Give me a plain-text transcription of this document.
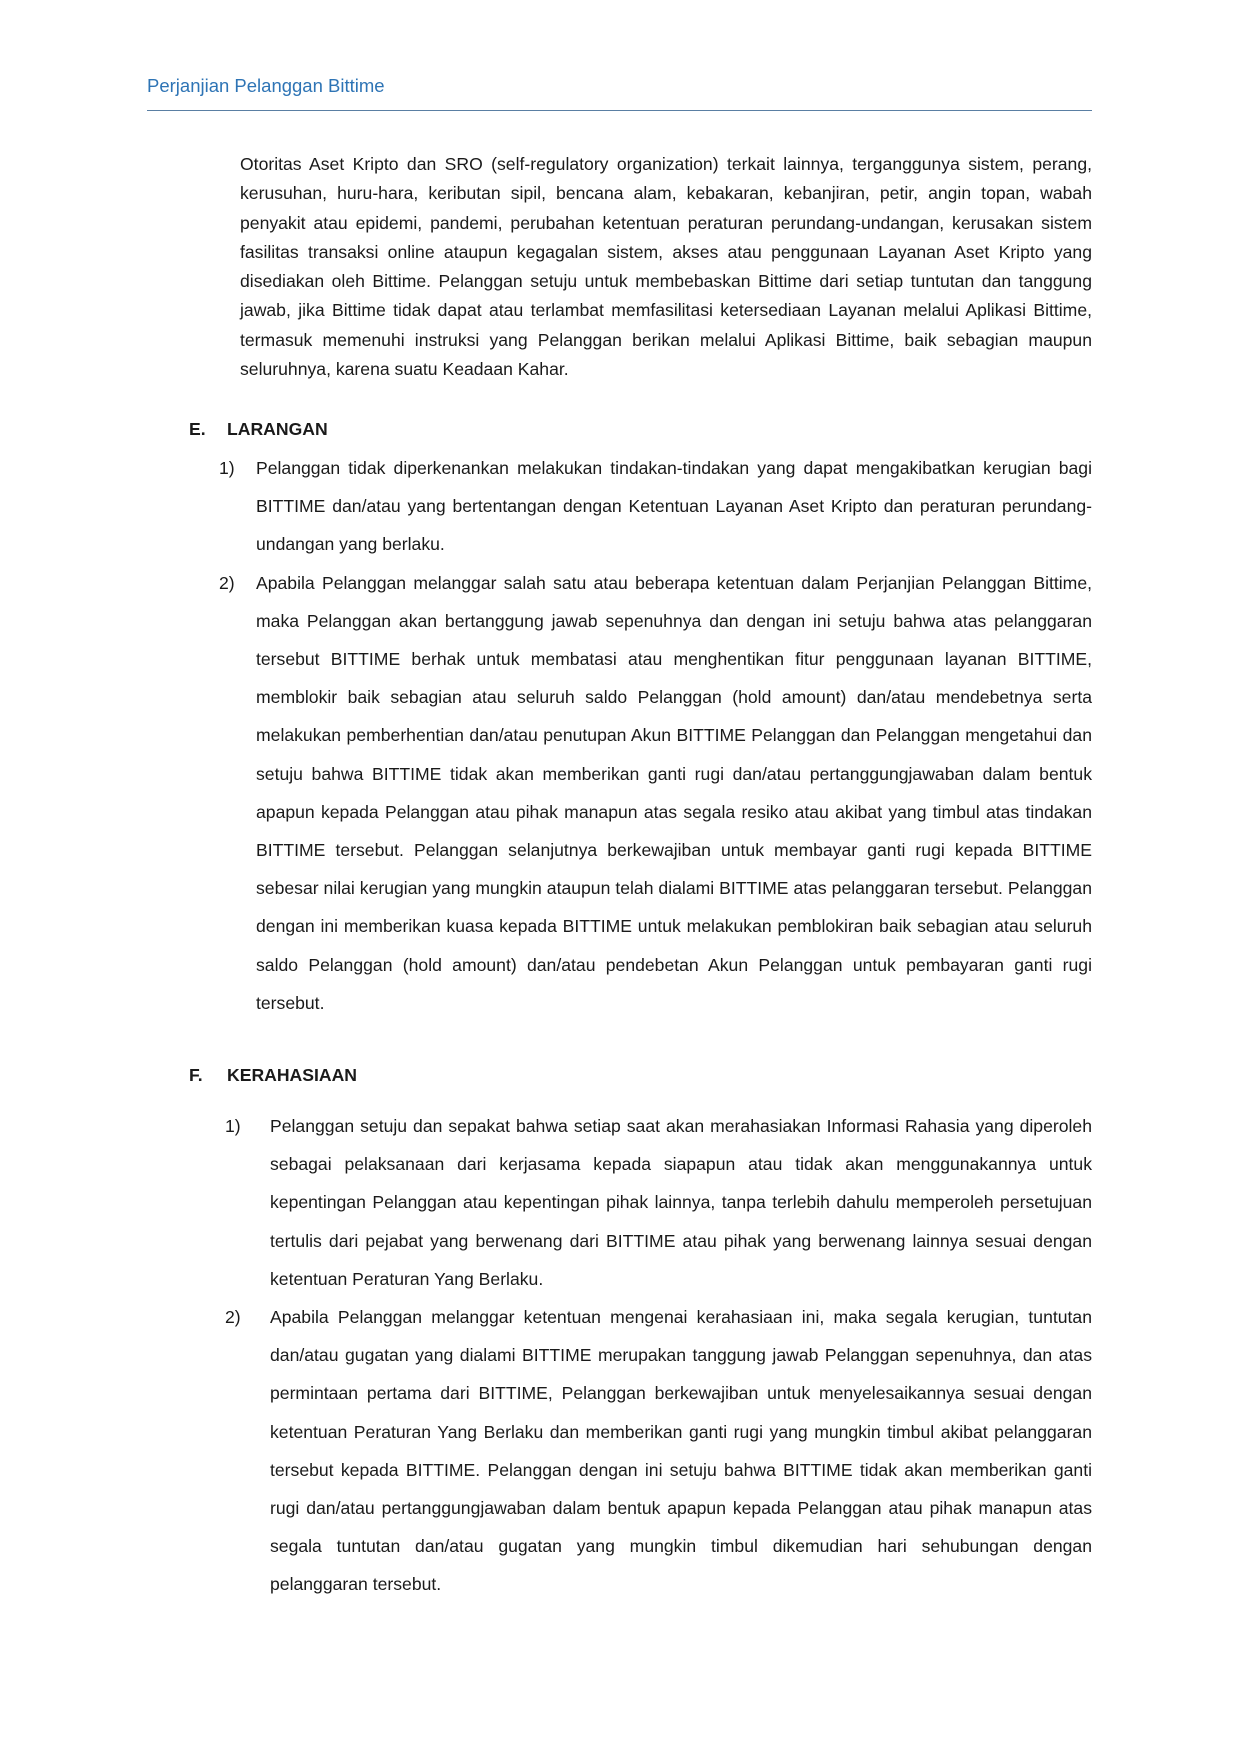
Perjanjian Pelanggan Bittime

Otoritas Aset Kripto dan SRO (self-regulatory organization) terkait lainnya, terganggunya sistem, perang, kerusuhan, huru-hara, keributan sipil, bencana alam, kebakaran, kebanjiran, petir, angin topan, wabah penyakit atau epidemi, pandemi, perubahan ketentuan peraturan perundang-undangan, kerusakan sistem fasilitas transaksi online ataupun kegagalan sistem, akses atau penggunaan Layanan Aset Kripto yang disediakan oleh Bittime. Pelanggan setuju untuk membebaskan Bittime dari setiap tuntutan dan tanggung jawab, jika Bittime tidak dapat atau terlambat memfasilitasi ketersediaan Layanan melalui Aplikasi Bittime, termasuk memenuhi instruksi yang Pelanggan berikan melalui Aplikasi Bittime, baik sebagian maupun seluruhnya, karena suatu Keadaan Kahar.

E. LARANGAN
1) Pelanggan tidak diperkenankan melakukan tindakan-tindakan yang dapat mengakibatkan kerugian bagi BITTIME dan/atau yang bertentangan dengan Ketentuan Layanan Aset Kripto dan peraturan perundang-undangan yang berlaku.
2) Apabila Pelanggan melanggar salah satu atau beberapa ketentuan dalam Perjanjian Pelanggan Bittime, maka Pelanggan akan bertanggung jawab sepenuhnya dan dengan ini setuju bahwa atas pelanggaran tersebut BITTIME berhak untuk membatasi atau menghentikan fitur penggunaan layanan BITTIME, memblokir baik sebagian atau seluruh saldo Pelanggan (hold amount) dan/atau mendebetnya serta melakukan pemberhentian dan/atau penutupan Akun BITTIME Pelanggan dan Pelanggan mengetahui dan setuju bahwa BITTIME tidak akan memberikan ganti rugi dan/atau pertanggungjawaban dalam bentuk apapun kepada Pelanggan atau pihak manapun atas segala resiko atau akibat yang timbul atas tindakan BITTIME tersebut. Pelanggan selanjutnya berkewajiban untuk membayar ganti rugi kepada BITTIME sebesar nilai kerugian yang mungkin ataupun telah dialami BITTIME atas pelanggaran tersebut. Pelanggan dengan ini memberikan kuasa kepada BITTIME untuk melakukan pemblokiran baik sebagian atau seluruh saldo Pelanggan (hold amount) dan/atau pendebetan Akun Pelanggan untuk pembayaran ganti rugi tersebut.
F. KERAHASIAAN
1) Pelanggan setuju dan sepakat bahwa setiap saat akan merahasiakan Informasi Rahasia yang diperoleh sebagai pelaksanaan dari kerjasama kepada siapapun atau tidak akan menggunakannya untuk kepentingan Pelanggan atau kepentingan pihak lainnya, tanpa terlebih dahulu memperoleh persetujuan tertulis dari pejabat yang berwenang dari BITTIME atau pihak yang berwenang lainnya sesuai dengan ketentuan Peraturan Yang Berlaku.
2) Apabila Pelanggan melanggar ketentuan mengenai kerahasiaan ini, maka segala kerugian, tuntutan dan/atau gugatan yang dialami BITTIME merupakan tanggung jawab Pelanggan sepenuhnya, dan atas permintaan pertama dari BITTIME, Pelanggan berkewajiban untuk menyelesaikannya sesuai dengan ketentuan Peraturan Yang Berlaku dan memberikan ganti rugi yang mungkin timbul akibat pelanggaran tersebut kepada BITTIME. Pelanggan dengan ini setuju bahwa BITTIME tidak akan memberikan ganti rugi dan/atau pertanggungjawaban dalam bentuk apapun kepada Pelanggan atau pihak manapun atas segala tuntutan dan/atau gugatan yang mungkin timbul dikemudian hari sehubungan dengan pelanggaran tersebut.
